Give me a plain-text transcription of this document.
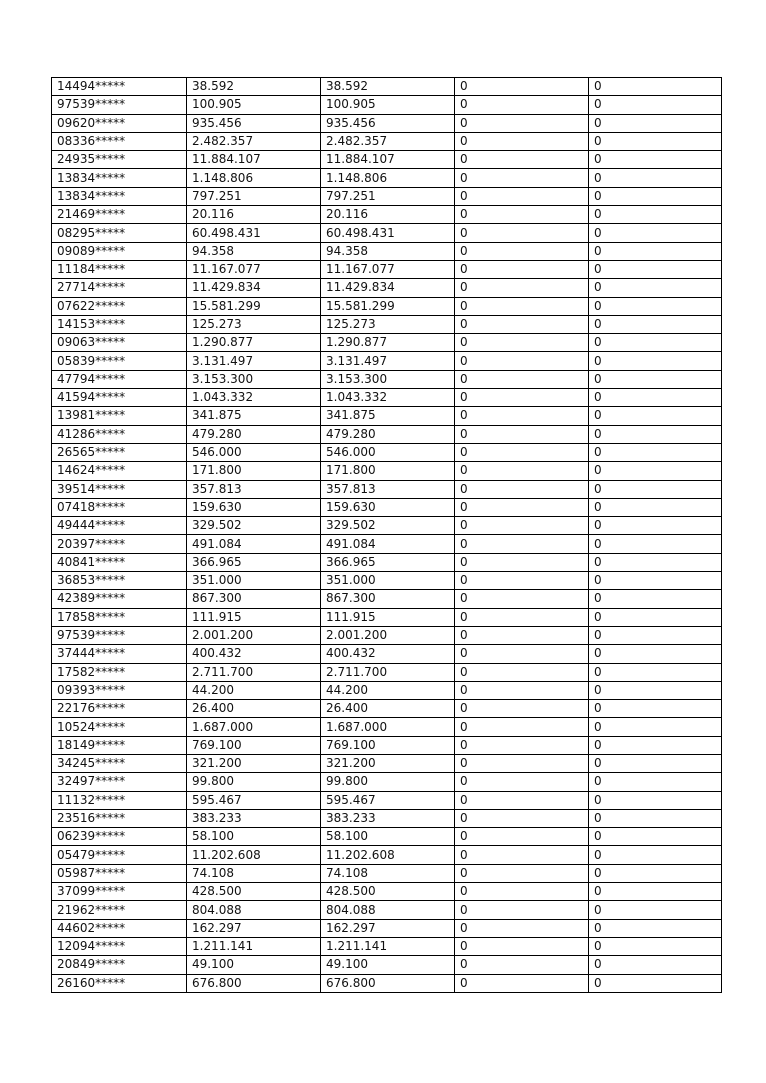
14494*****	38.592	38.592	0	0
97539*****	100.905	100.905	0	0
09620*****	935.456	935.456	0	0
08336*****	2.482.357	2.482.357	0	0
24935*****	11.884.107	11.884.107	0	0
13834*****	1.148.806	1.148.806	0	0
13834*****	797.251	797.251	0	0
21469*****	20.116	20.116	0	0
08295*****	60.498.431	60.498.431	0	0
09089*****	94.358	94.358	0	0
11184*****	11.167.077	11.167.077	0	0
27714*****	11.429.834	11.429.834	0	0
07622*****	15.581.299	15.581.299	0	0
14153*****	125.273	125.273	0	0
09063*****	1.290.877	1.290.877	0	0
05839*****	3.131.497	3.131.497	0	0
47794*****	3.153.300	3.153.300	0	0
41594*****	1.043.332	1.043.332	0	0
13981*****	341.875	341.875	0	0
41286*****	479.280	479.280	0	0
26565*****	546.000	546.000	0	0
14624*****	171.800	171.800	0	0
39514*****	357.813	357.813	0	0
07418*****	159.630	159.630	0	0
49444*****	329.502	329.502	0	0
20397*****	491.084	491.084	0	0
40841*****	366.965	366.965	0	0
36853*****	351.000	351.000	0	0
42389*****	867.300	867.300	0	0
17858*****	111.915	111.915	0	0
97539*****	2.001.200	2.001.200	0	0
37444*****	400.432	400.432	0	0
17582*****	2.711.700	2.711.700	0	0
09393*****	44.200	44.200	0	0
22176*****	26.400	26.400	0	0
10524*****	1.687.000	1.687.000	0	0
18149*****	769.100	769.100	0	0
34245*****	321.200	321.200	0	0
32497*****	99.800	99.800	0	0
11132*****	595.467	595.467	0	0
23516*****	383.233	383.233	0	0
06239*****	58.100	58.100	0	0
05479*****	11.202.608	11.202.608	0	0
05987*****	74.108	74.108	0	0
37099*****	428.500	428.500	0	0
21962*****	804.088	804.088	0	0
44602*****	162.297	162.297	0	0
12094*****	1.211.141	1.211.141	0	0
20849*****	49.100	49.100	0	0
26160*****	676.800	676.800	0	0
